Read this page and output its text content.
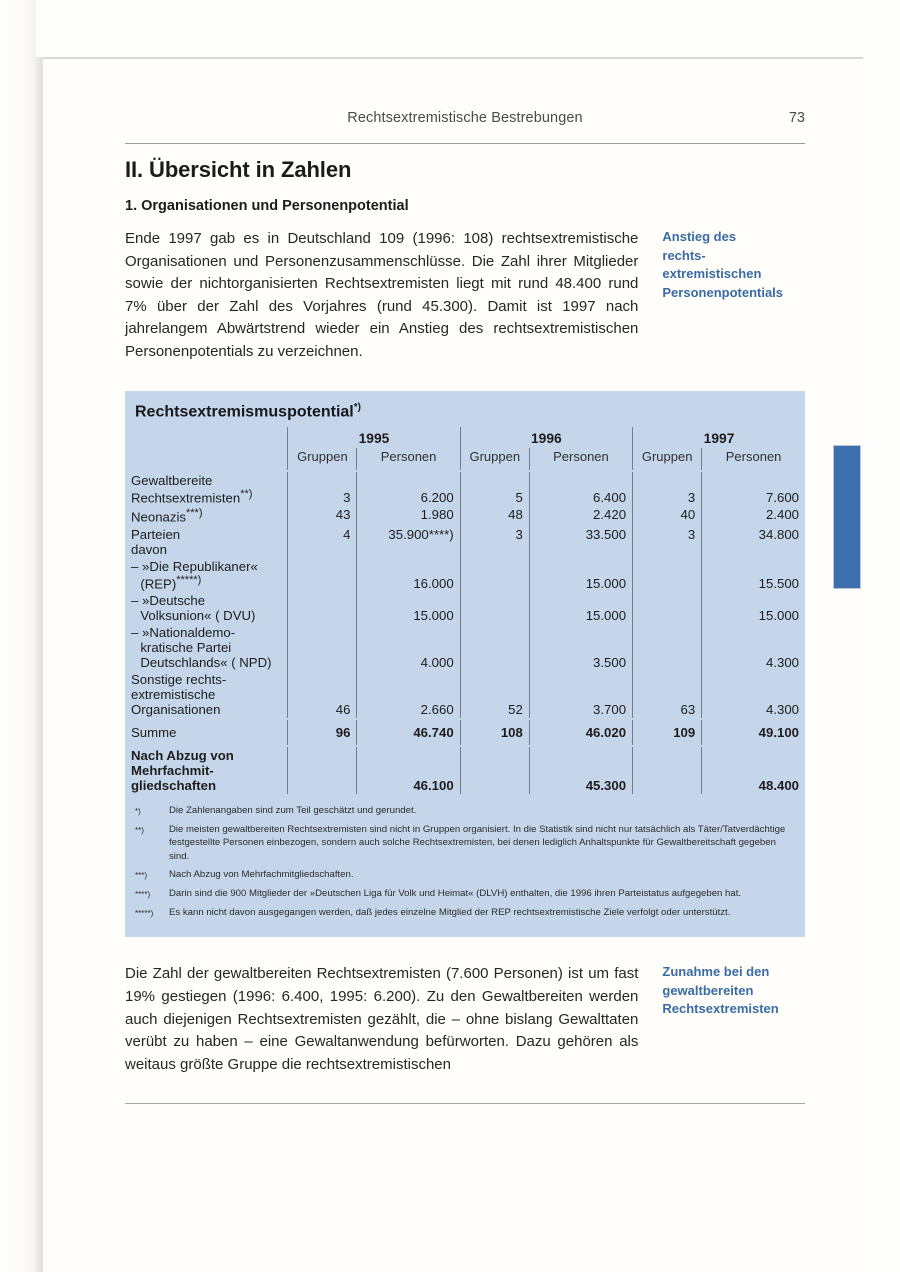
Rechtsextremistische Bestrebungen	73
II. Übersicht in Zahlen
1. Organisationen und Personenpotential

Ende 1997 gab es in Deutschland 109 (1996: 108) rechtsextremistische Organisationen und Personenzusammenschlüsse. Die Zahl ihrer Mitglieder sowie der nichtorganisierten Rechtsextremisten liegt mit rund 48.400 rund 7% über der Zahl des Vorjahres (rund 45.300). Damit ist 1997 nach jahrelangem Abwärtstrend wieder ein Anstieg des rechtsextremistischen Personenpotentials zu verzeichnen.

Anstieg des
rechts-
extremistischen
Personenpotentials
Rechtsextremismuspotential*)
	1995		1996		1997	
	Gruppen	Personen	Gruppen	Personen	Gruppen	Personen

Gewaltbereite
Rechtsextremisten**)	3	6.200	5	6.400	3	7.600

Neonazis***)	43	1.980	48	2.420	40	2.400

Parteien
davon	4	35.900****)	3	33.500	3	34.800

– »Die Republikaner«
(REP)*****)		16.000		15.000		15.500

– »Deutsche
Volksunion« ( DVU)		15.000		15.000		15.000

– »Nationaldemo-
kratische Partei
Deutschlands« ( NPD)		4.000		3.500		4.300

Sonstige rechts-
extremistische
Organisationen	46	2.660	52	3.700	63	4.300

Summe	96	46.740	108	46.020	109	49.100

Nach Abzug von
Mehrfachmit-
gliedschaften		46.100		45.300		48.400

*)	Die Zahlenangaben sind zum Teil geschätzt und gerundet.
**)	Die meisten gewaltbereiten Rechtsextremisten sind nicht in Gruppen organisiert. In die Statistik sind nicht nur tatsächlich als Täter/Tatverdächtige festgestellte Personen einbezogen, sondern auch solche Rechtsextremisten, bei denen lediglich Anhaltspunkte für Gewaltbereitschaft gegeben sind.
***)	Nach Abzug von Mehrfachmitgliedschaften.
****)	Darin sind die 900 Mitglieder der »Deutschen Liga für Volk und Heimat« (DLVH) enthalten, die 1996 ihren Parteistatus aufgegeben hat.
*****)	Es kann nicht davon ausgegangen werden, daß jedes einzelne Mitglied der REP rechtsextremistische Ziele verfolgt oder unterstützt.

Die Zahl der gewaltbereiten Rechtsextremisten (7.600 Personen) ist um fast 19% gestiegen (1996: 6.400, 1995: 6.200). Zu den Gewaltbereiten werden auch diejenigen Rechtsextremisten gezählt, die – ohne bislang Gewalttaten verübt zu haben – eine Gewaltanwendung befürworten. Dazu gehören als weitaus größte Gruppe die rechtsextremistischen

Zunahme bei den
gewaltbereiten
Rechtsextremisten
